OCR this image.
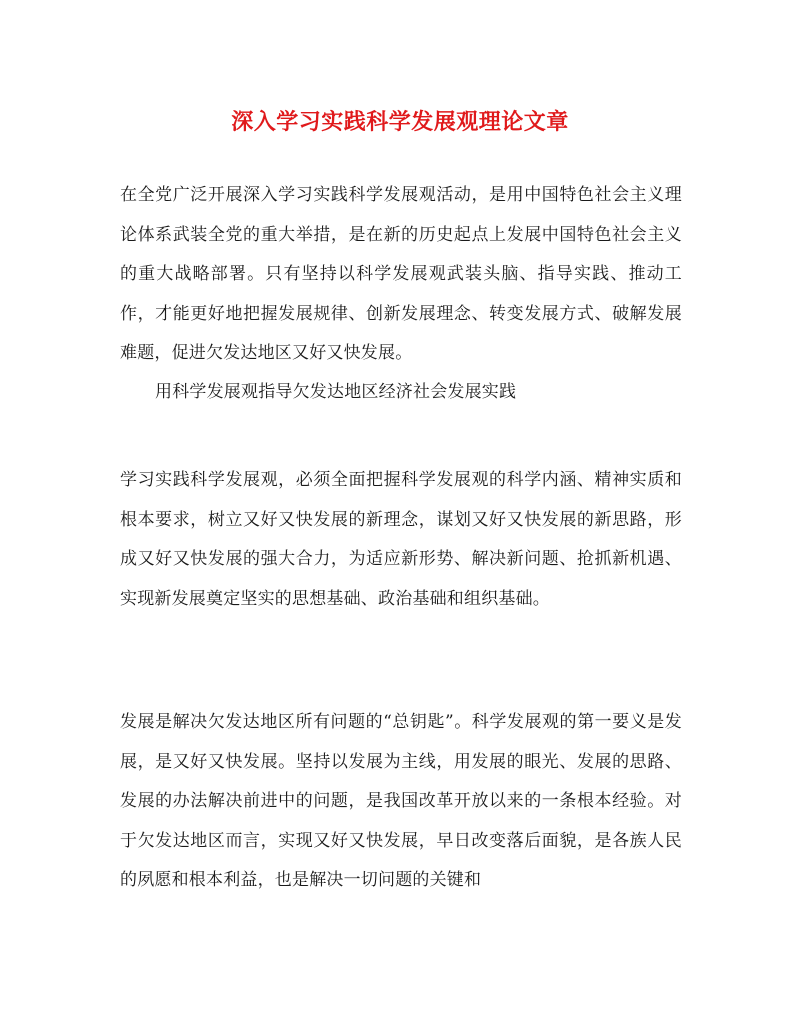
深入学习实践科学发展观理论文章

在全党广泛开展深入学习实践科学发展观活动，是用中国特色社会主义理论体系武装全党的重大举措，是在新的历史起点上发展中国特色社会主义的重大战略部署。只有坚持以科学发展观武装头脑、指导实践、推动工作，才能更好地把握发展规律、创新发展理念、转变发展方式、破解发展难题，促进欠发达地区又好又快发展。

用科学发展观指导欠发达地区经济社会发展实践

学习实践科学发展观，必须全面把握科学发展观的科学内涵、精神实质和根本要求，树立又好又快发展的新理念，谋划又好又快发展的新思路，形成又好又快发展的强大合力，为适应新形势、解决新问题、抢抓新机遇、实现新发展奠定坚实的思想基础、政治基础和组织基础。

发展是解决欠发达地区所有问题的“总钥匙”。科学发展观的第一要义是发展，是又好又快发展。坚持以发展为主线，用发展的眼光、发展的思路、发展的办法解决前进中的问题，是我国改革开放以来的一条根本经验。对于欠发达地区而言，实现又好又快发展，早日改变落后面貌，是各族人民的夙愿和根本利益，也是解决一切问题的关键和
